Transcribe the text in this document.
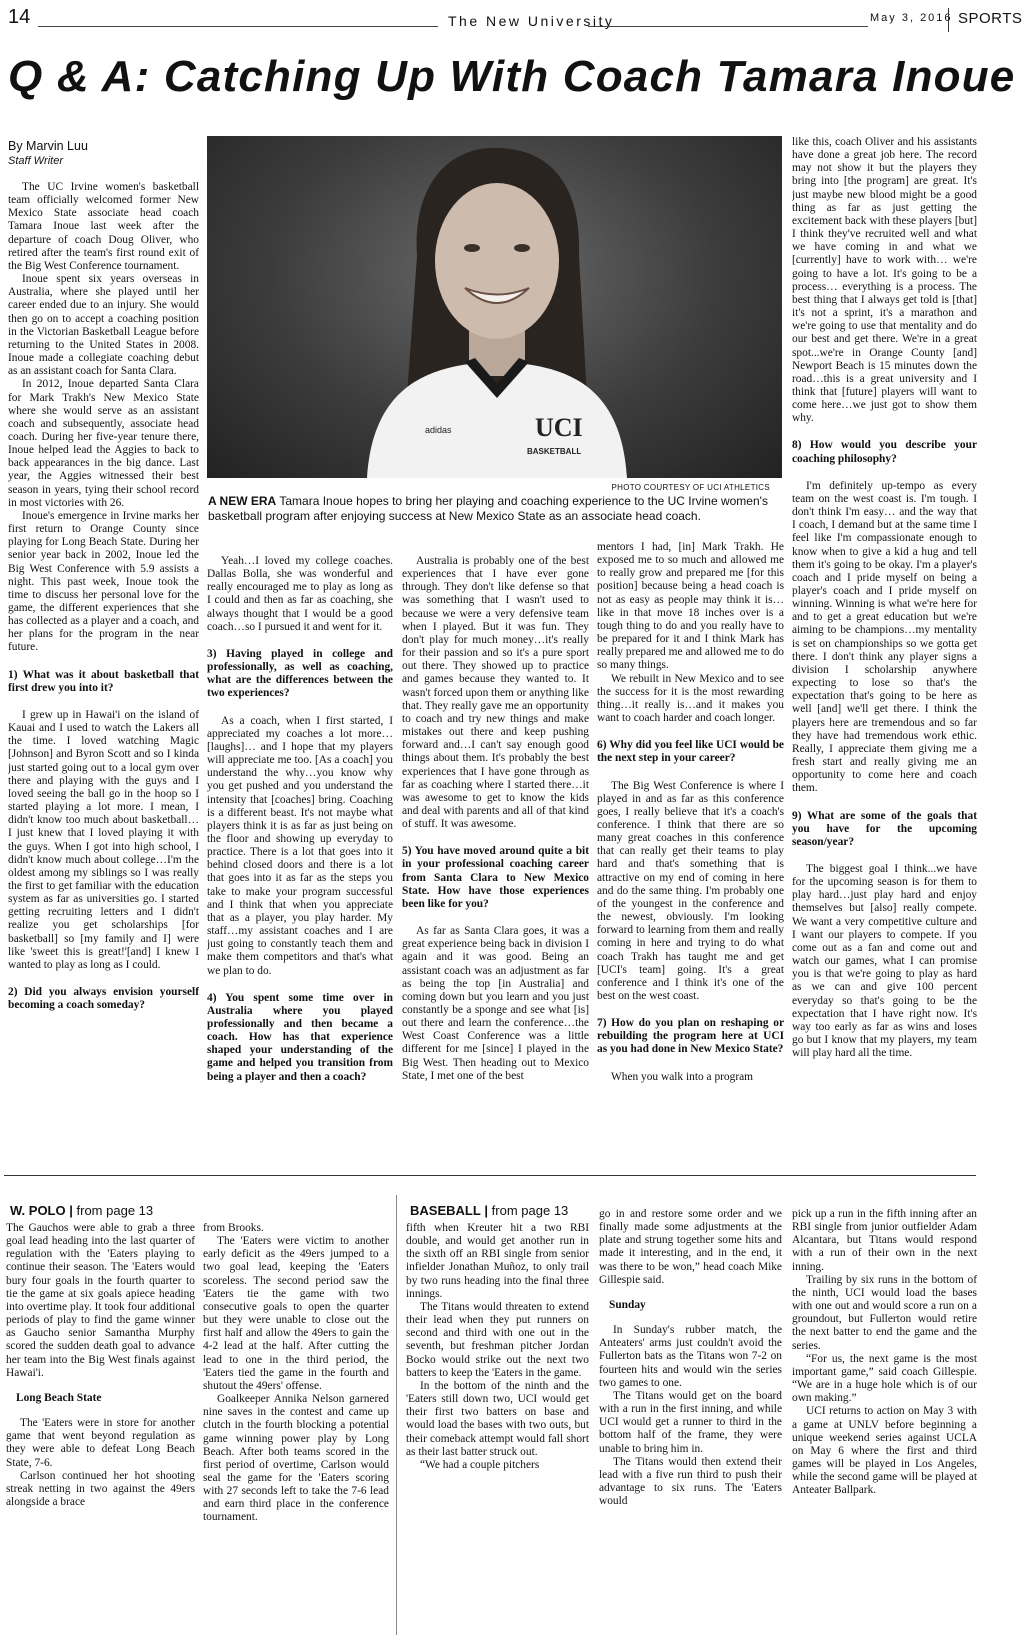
14	The New University	May 3, 2016 SPORTS
Q & A: Catching Up With Coach Tamara Inoue
By Marvin Luu
Staff Writer

The UC Irvine women's basketball team officially welcomed former New Mexico State associate head coach Tamara Inoue last week after the departure of coach Doug Oliver, who retired after the team's first round exit of the Big West Conference tournament.

Inoue spent six years overseas in Australia, where she played until her career ended due to an injury. She would then go on to accept a coaching position in the Victorian Basketball League before returning to the United States in 2008. Inoue made a collegiate coaching debut as an assistant coach for Santa Clara.

In 2012, Inoue departed Santa Clara for Mark Trakh's New Mexico State where she would serve as an assistant coach and subsequently, associate head coach. During her five-year tenure there, Inoue helped lead the Aggies to back to back appearances in the big dance. Last year, the Aggies witnessed their best season in years, tying their school record in most victories with 26.

Inoue's emergence in Irvine marks her first return to Orange County since playing for Long Beach State. During her senior year back in 2002, Inoue led the Big West Conference with 5.9 assists a night. This past week, Inoue took the time to discuss her personal love for the game, the different experiences that she has collected as a player and a coach, and her plans for the program in the near future.

1) What was it about basketball that first drew you into it?

I grew up in Hawai'i on the island of Kauai and I used to watch the Lakers all the time. I loved watching Magic [Johnson] and Byron Scott and so I kinda just started going out to a local gym over there and playing with the guys and I loved seeing the ball go in the hoop so I started playing a lot more. I mean, I didn't know too much about basketball…I just knew that I loved playing it with the guys. When I got into high school, I didn't know much about college…I'm the oldest among my siblings so I was really the first to get familiar with the education system as far as universities go. I started getting recruiting letters and I didn't realize you get scholarships [for basketball] so [my family and I] were like 'sweet this is great!'[and] I knew I wanted to play as long as I could.

2) Did you always envision yourself becoming a coach someday?

adidas	UCI
BASKETBALL
PHOTO COURTESY OF UCI ATHLETICS
A NEW ERA Tamara Inoue hopes to bring her playing and coaching experience to the UC Irvine women's basketball program after enjoying success at New Mexico State as an associate head coach.

Yeah…I loved my college coaches. Dallas Bolla, she was wonderful and really encouraged me to play as long as I could and then as far as coaching, she always thought that I would be a good coach…so I pursued it and went for it.

3) Having played in college and professionally, as well as coaching, what are the differences between the two experiences?

As a coach, when I first started, I appreciated my coaches a lot more…[laughs]… and I hope that my players will appreciate me too. [As a coach] you understand the why…you know why you get pushed and you understand the intensity that [coaches] bring. Coaching is a different beast. It's not maybe what players think it is as far as just being on the floor and showing up everyday to practice. There is a lot that goes into it behind closed doors and there is a lot that goes into it as far as the steps you take to make your program successful and I think that when you appreciate that as a player, you play harder. My staff…my assistant coaches and I are just going to constantly teach them and make them competitors and that's what we plan to do.

4) You spent some time over in Australia where you played professionally and then became a coach. How has that experience shaped your understanding of the game and helped you transition from being a player and then a coach?

Australia is probably one of the best experiences that I have ever gone through. They don't like defense so that was something that I wasn't used to because we were a very defensive team when I played. But it was fun. They don't play for much money…it's really for their passion and so it's a pure sport out there. They showed up to practice and games because they wanted to. It wasn't forced upon them or anything like that. They really gave me an opportunity to coach and try new things and make mistakes out there and keep pushing forward and…I can't say enough good things about them. It's probably the best experiences that I have gone through as far as coaching where I started there…it was awesome to get to know the kids and deal with parents and all of that kind of stuff. It was awesome.

5) You have moved around quite a bit in your professional coaching career from Santa Clara to New Mexico State. How have those experiences been like for you?

As far as Santa Clara goes, it was a great experience being back in division I again and it was good. Being an assistant coach was an adjustment as far as being the top [in Australia] and coming down but you learn and you just constantly be a sponge and see what [is] out there and learn the conference…the West Coast Conference was a little different for me [since] I played in the Big West. Then heading out to Mexico State, I met one of the best

mentors I had, [in] Mark Trakh. He exposed me to so much and allowed me to really grow and prepared me [for this position] because being a head coach is not as easy as people may think it is…like in that move 18 inches over is a tough thing to do and you really have to be prepared for it and I think Mark has really prepared me and allowed me to do so many things.

We rebuilt in New Mexico and to see the success for it is the most rewarding thing…it really is…and it makes you want to coach harder and coach longer.

6) Why did you feel like UCI would be the next step in your career?

The Big West Conference is where I played in and as far as this conference goes, I really believe that it's a coach's conference. I think that there are so many great coaches in this conference that can really get their teams to play hard and that's something that is attractive on my end of coming in here and do the same thing. I'm probably one of the youngest in the conference and the newest, obviously. I'm looking forward to learning from them and really coming in here and trying to do what coach Trakh has taught me and get [UCI's team] going. It's a great conference and I think it's one of the best on the west coast.

7) How do you plan on reshaping or rebuilding the program here at UCI as you had done in New Mexico State?

When you walk into a program

like this, coach Oliver and his assistants have done a great job here. The record may not show it but the players they bring into [the program] are great. It's just maybe new blood might be a good thing as far as just getting the excitement back with these players [but] I think they've recruited well and what we have coming in and what we [currently] have to work with… we're going to have a lot. It's going to be a process… everything is a process. The best thing that I always get told is [that] it's not a sprint, it's a marathon and we're going to use that mentality and do our best and get there. We're in a great spot...we're in Orange County [and] Newport Beach is 15 minutes down the road…this is a great university and I think that [future] players will want to come here…we just got to show them why.

8) How would you describe your coaching philosophy?

I'm definitely up-tempo as every team on the west coast is. I'm tough. I don't think I'm easy… and the way that I coach, I demand but at the same time I feel like I'm compassionate enough to know when to give a kid a hug and tell them it's going to be okay. I'm a player's coach and I pride myself on being a player's coach and I pride myself on winning. Winning is what we're here for and to get a great education but we're aiming to be champions…my mentality is set on championships so we gotta get there. I don't think any player signs a division I scholarship anywhere expecting to lose so that's the expectation that's going to be here as well [and] we'll get there. I think the players here are tremendous and so far they have had tremendous work ethic. Really, I appreciate them giving me a fresh start and really giving me an opportunity to come here and coach them.

9) What are some of the goals that you have for the upcoming season/year?

The biggest goal I think...we have for the upcoming season is for them to play hard…just play hard and enjoy themselves but [also] really compete. We want a very competitive culture and I want our players to compete. If you come out as a fan and come out and watch our games, what I can promise you is that we're going to play as hard as we can and give 100 percent everyday so that's going to be the expectation that I have right now. It's way too early as far as wins and loses go but I know that my players, my team will play hard all the time.

W. POLO | from page 13

The Gauchos were able to grab a three goal lead heading into the last quarter of regulation with the 'Eaters playing to continue their season. The 'Eaters would bury four goals in the fourth quarter to tie the game at six goals apiece heading into overtime play. It took four additional periods of play to find the game winner as Gaucho senior Samantha Murphy scored the sudden death goal to advance her team into the Big West finals against Hawai'i.

Long Beach State

The 'Eaters were in store for another game that went beyond regulation as they were able to defeat Long Beach State, 7-6.

Carlson continued her hot shooting streak netting in two against the 49ers alongside a brace

from Brooks.

The 'Eaters were victim to another early deficit as the 49ers jumped to a two goal lead, keeping the 'Eaters scoreless. The second period saw the 'Eaters tie the game with two consecutive goals to open the quarter but they were unable to close out the first half and allow the 49ers to gain the 4-2 lead at the half. After cutting the lead to one in the third period, the 'Eaters tied the game in the fourth and shutout the 49ers' offense.

Goalkeeper Annika Nelson garnered nine saves in the contest and came up clutch in the fourth blocking a potential game winning power play by Long Beach. After both teams scored in the first period of overtime, Carlson would seal the game for the 'Eaters scoring with 27 seconds left to take the 7-6 lead and earn third place in the conference tournament.

BASEBALL | from page 13

fifth when Kreuter hit a two RBI double, and would get another run in the sixth off an RBI single from senior infielder Jonathan Muñoz, to only trail by two runs heading into the final three innings.

The Titans would threaten to extend their lead when they put runners on second and third with one out in the seventh, but freshman pitcher Jordan Bocko would strike out the next two batters to keep the 'Eaters in the game.

In the bottom of the ninth and the 'Eaters still down two, UCI would get their first two batters on base and would load the bases with two outs, but their comeback attempt would fall short as their last batter struck out.

“We had a couple pitchers

go in and restore some order and we finally made some adjustments at the plate and strung together some hits and made it interesting, and in the end, it was there to be won,” head coach Mike Gillespie said.

Sunday

In Sunday's rubber match, the Anteaters' arms just couldn't avoid the Fullerton bats as the Titans won 7-2 on fourteen hits and would win the series two games to one.

The Titans would get on the board with a run in the first inning, and while UCI would get a runner to third in the bottom half of the frame, they were unable to bring him in.

The Titans would then extend their lead with a five run third to push their advantage to six runs. The 'Eaters would

pick up a run in the fifth inning after an RBI single from junior outfielder Adam Alcantara, but Titans would respond with a run of their own in the next inning.

Trailing by six runs in the bottom of the ninth, UCI would load the bases with one out and would score a run on a groundout, but Fullerton would retire the next batter to end the game and the series.

“For us, the next game is the most important game,” said coach Gillespie. “We are in a huge hole which is of our own making.”

UCI returns to action on May 3 with a game at UNLV before beginning a unique weekend series against UCLA on May 6 where the first and third games will be played in Los Angeles, while the second game will be played at Anteater Ballpark.
